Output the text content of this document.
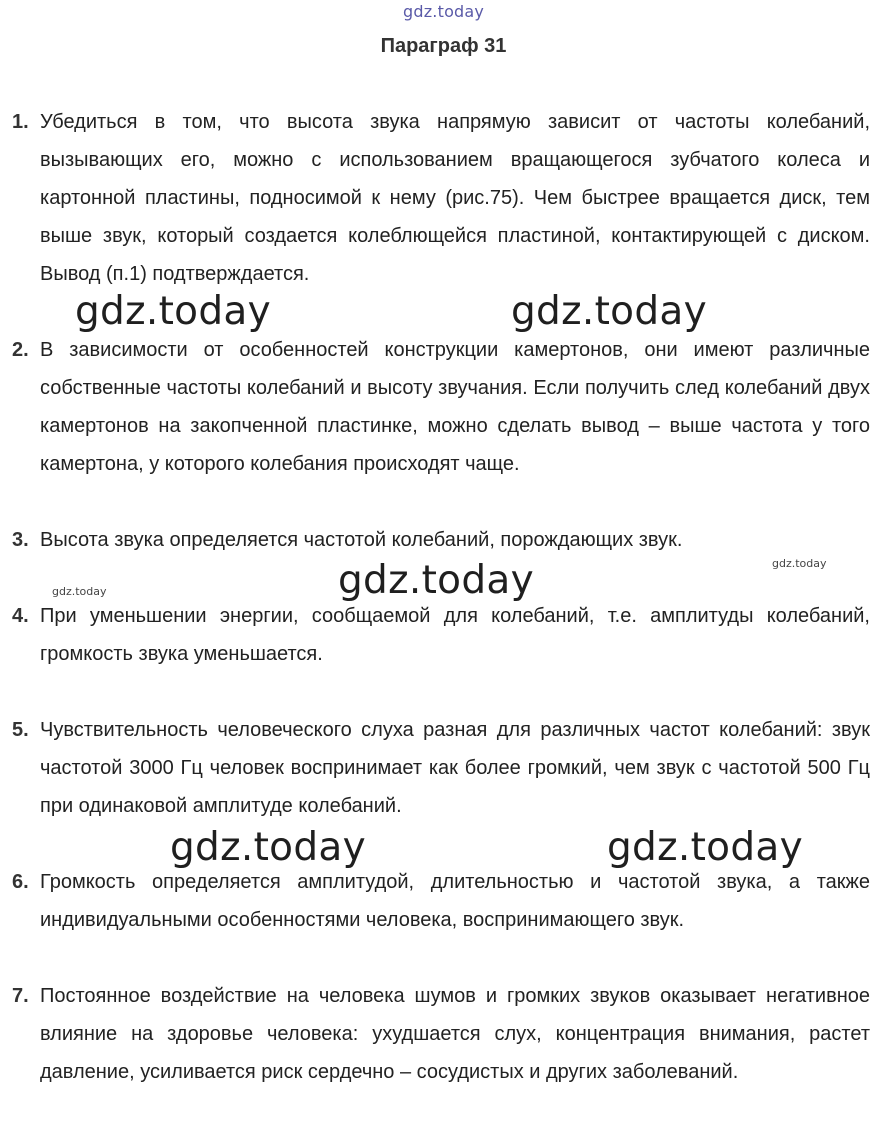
gdz.today
gdz.today	gdz.today
gdz.today	gdz.today	gdz.today
gdz.today	gdz.today
Параграф 31
1. Убедиться в том, что высота звука напрямую зависит от частоты колебаний, вызывающих его, можно с использованием вращающегося зубчатого колеса и картонной пластины, подносимой к нему (рис.75). Чем быстрее вращается диск, тем выше звук, который создается колеблющейся пластиной, контактирующей с диском. Вывод (п.1) подтверждается.
2. В зависимости от особенностей конструкции камертонов, они имеют различные собственные частоты колебаний и высоту звучания. Если получить след колебаний двух камертонов на закопченной пластинке, можно сделать вывод – выше частота у того камертона, у которого колебания происходят чаще.
3. Высота звука определяется частотой колебаний, порождающих звук.
4. При уменьшении энергии, сообщаемой для колебаний, т.е. амплитуды колебаний, громкость звука уменьшается.
5. Чувствительность человеческого слуха разная для различных частот колебаний: звук частотой 3000 Гц человек воспринимает как более громкий, чем звук с частотой 500 Гц при одинаковой амплитуде колебаний.
6. Громкость определяется амплитудой, длительностью и частотой звука, а также индивидуальными особенностями человека, воспринимающего звук.
7. Постоянное воздействие на человека шумов и громких звуков оказывает негативное влияние на здоровье человека: ухудшается слух, концентрация внимания, растет давление, усиливается риск сердечно – сосудистых и других заболеваний.
